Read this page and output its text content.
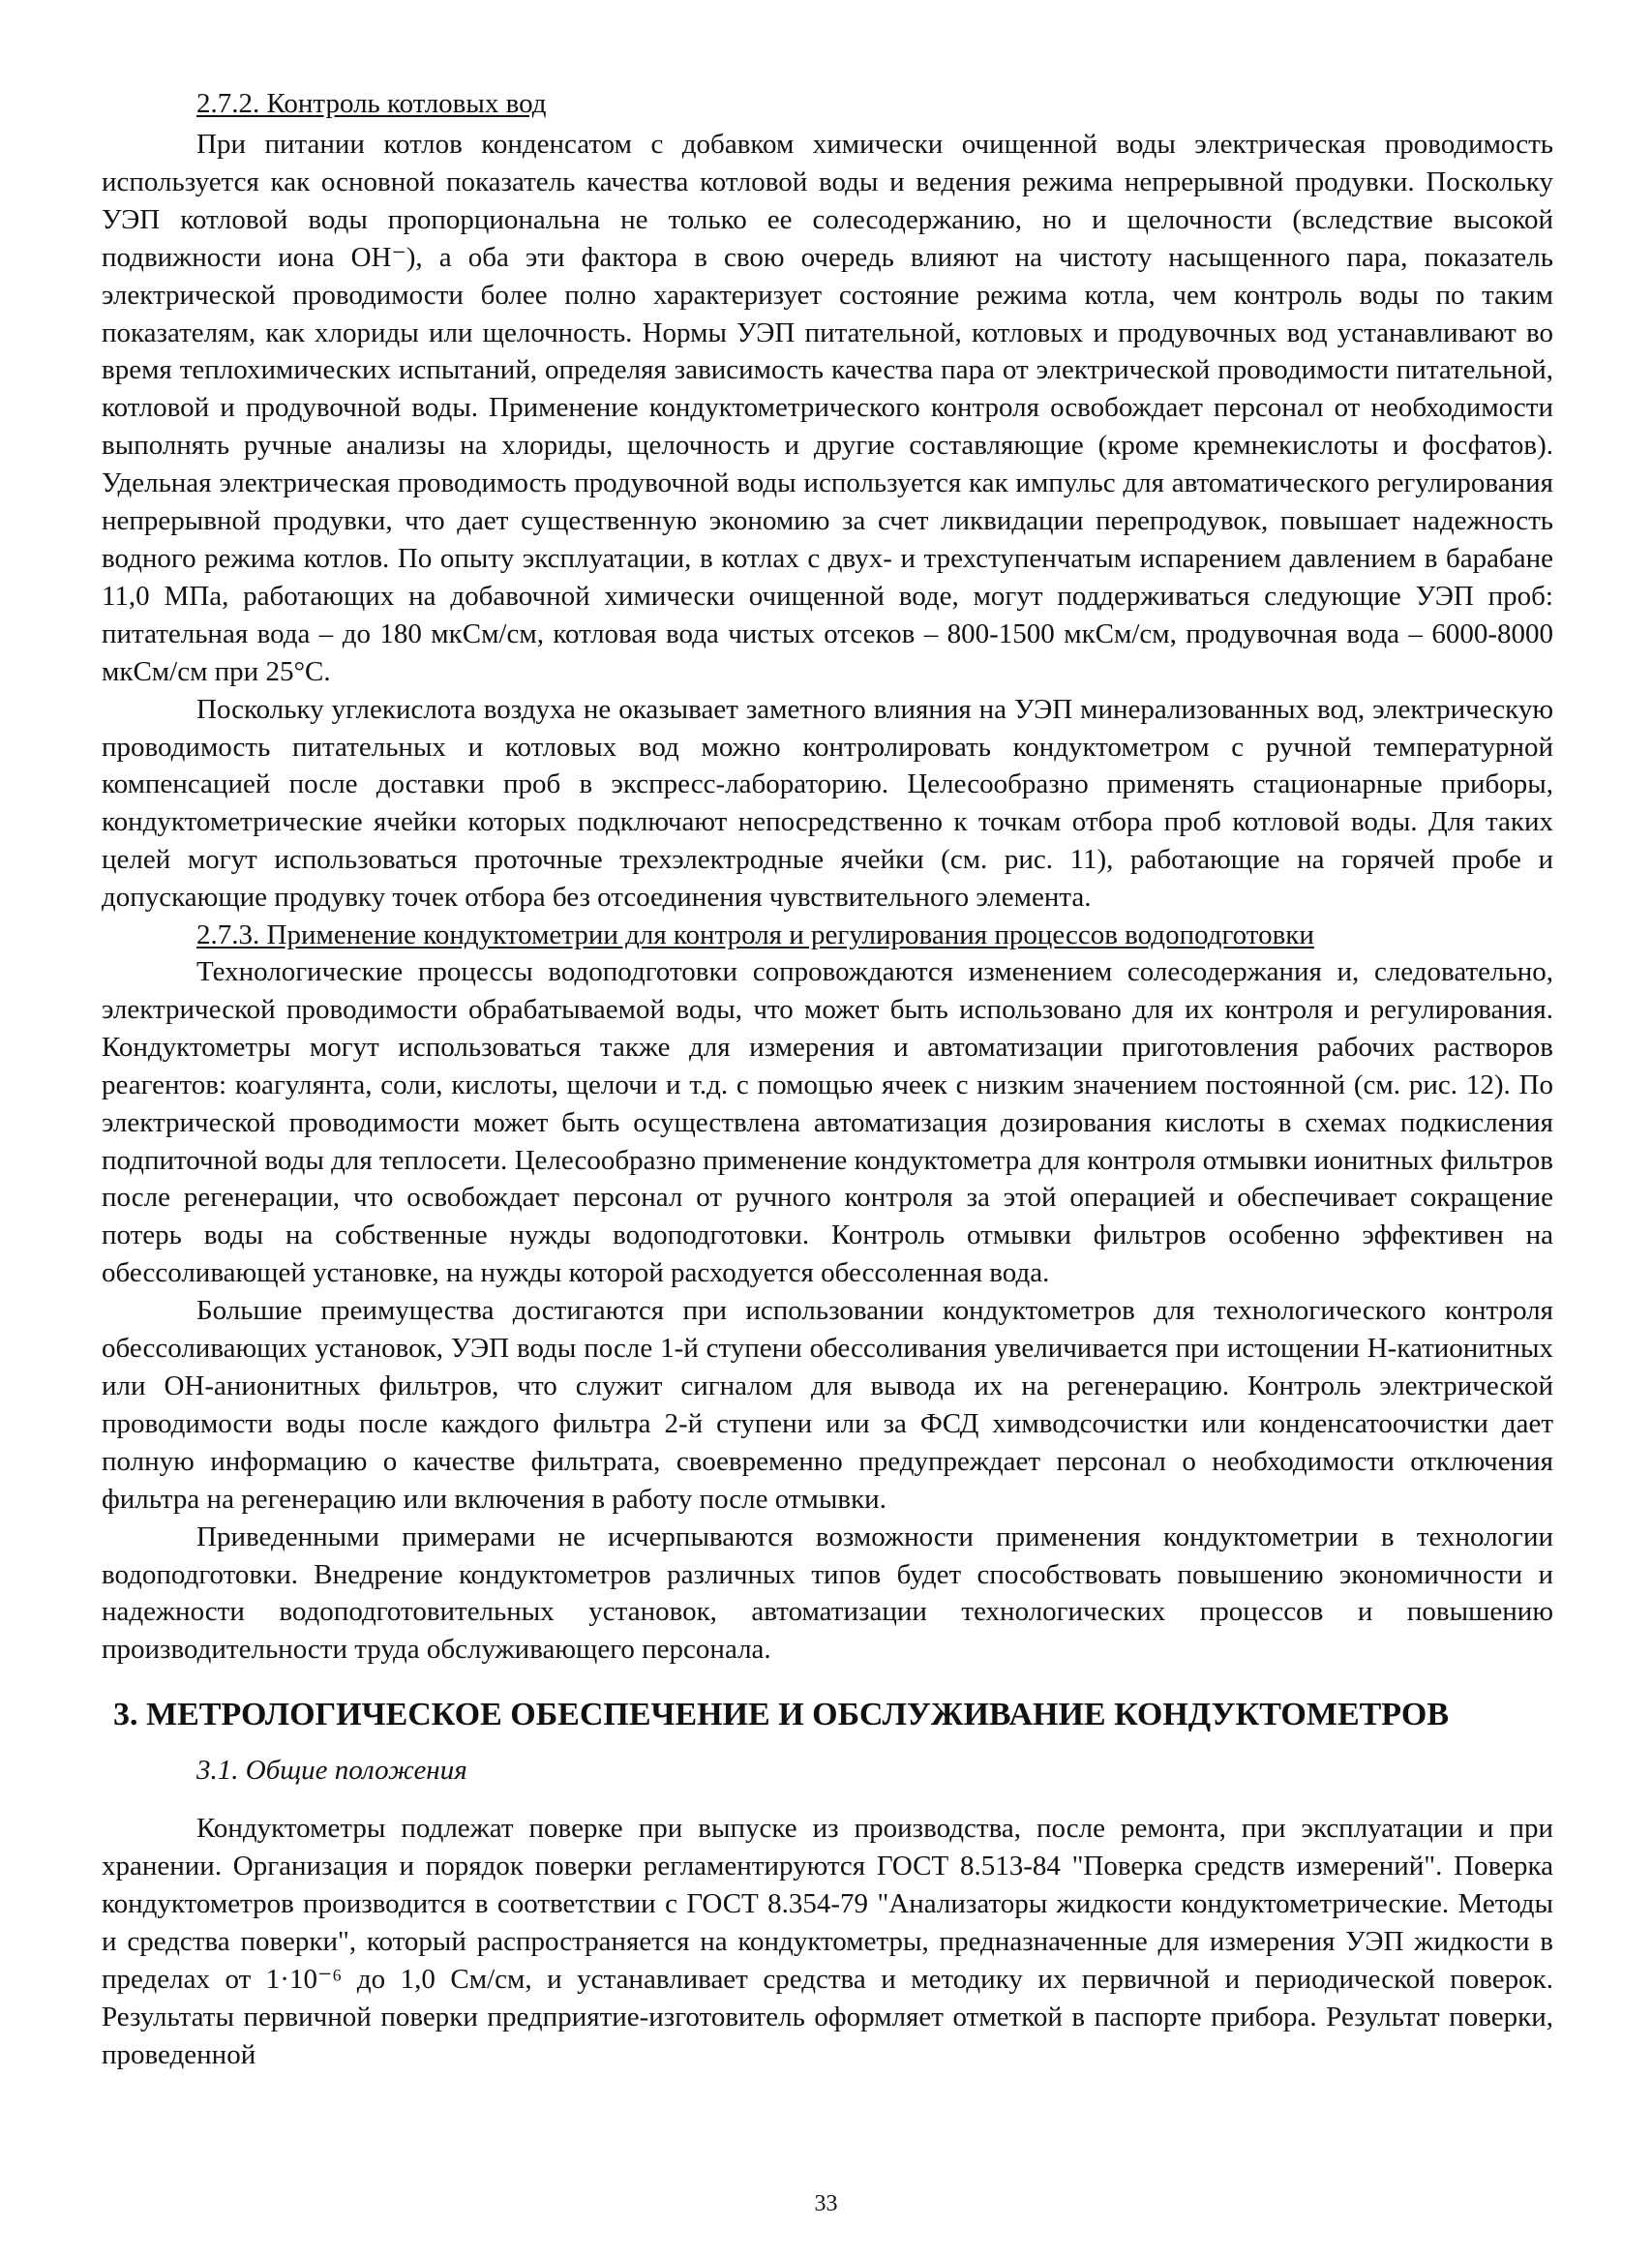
2.7.2. Контроль котловых вод

При питании котлов конденсатом с добавком химически очищенной воды электрическая проводимость используется как основной показатель качества котловой воды и ведения режима непрерывной продувки. Поскольку УЭП котловой воды пропорциональна не только ее солесодержанию, но и щелочности (вследствие высокой подвижности иона OH⁻), а оба эти фактора в свою очередь влияют на чистоту насыщенного пара, показатель электрической проводимости более полно характеризует состояние режима котла, чем контроль воды по таким показателям, как хлориды или щелочность. Нормы УЭП питательной, котловых и продувочных вод устанавливают во время теплохимических испытаний, определяя зависимость качества пара от электрической проводимости питательной, котловой и продувочной воды. Применение кондуктометрического контроля освобождает персонал от необходимости выполнять ручные анализы на хлориды, щелочность и другие составляющие (кроме кремнекислоты и фосфатов). Удельная электрическая проводимость продувочной воды используется как импульс для автоматического регулирования непрерывной продувки, что дает существенную экономию за счет ликвидации перепродувок, повышает надежность водного режима котлов. По опыту эксплуатации, в котлах с двух- и трехступенчатым испарением давлением в барабане 11,0 МПа, работающих на добавочной химически очищенной воде, могут поддерживаться следующие УЭП проб: питательная вода – до 180 мкСм/см, котловая вода чистых отсеков – 800-1500 мкСм/см, продувочная вода – 6000-8000 мкСм/см при 25°С.

Поскольку углекислота воздуха не оказывает заметного влияния на УЭП минерализованных вод, электрическую проводимость питательных и котловых вод можно контролировать кондуктометром с ручной температурной компенсацией после доставки проб в экспресс-лабораторию. Целесообразно применять стационарные приборы, кондуктометрические ячейки которых подключают непосредственно к точкам отбора проб котловой воды. Для таких целей могут использоваться проточные трехэлектродные ячейки (см. рис. 11), работающие на горячей пробе и допускающие продувку точек отбора без отсоединения чувствительного элемента.

2.7.3. Применение кондуктометрии для контроля и регулирования процессов водоподготовки

Технологические процессы водоподготовки сопровождаются изменением солесодержания и, следовательно, электрической проводимости обрабатываемой воды, что может быть использовано для их контроля и регулирования. Кондуктометры могут использоваться также для измерения и автоматизации приготовления рабочих растворов реагентов: коагулянта, соли, кислоты, щелочи и т.д. с помощью ячеек с низким значением постоянной (см. рис. 12). По электрической проводимости может быть осуществлена автоматизация дозирования кислоты в схемах подкисления подпиточной воды для теплосети. Целесообразно применение кондуктометра для контроля отмывки ионитных фильтров после регенерации, что освобождает персонал от ручного контроля за этой операцией и обеспечивает сокращение потерь воды на собственные нужды водоподготовки. Контроль отмывки фильтров особенно эффективен на обессоливающей установке, на нужды которой расходуется обессоленная вода.

Большие преимущества достигаются при использовании кондуктометров для технологического контроля обессоливающих установок, УЭП воды после 1-й ступени обессоливания увеличивается при истощении Н-катионитных или ОН-анионитных фильтров, что служит сигналом для вывода их на регенерацию. Контроль электрической проводимости воды после каждого фильтра 2-й ступени или за ФСД химводсочистки или конденсатоочистки дает полную информацию о качестве фильтрата, своевременно предупреждает персонал о необходимости отключения фильтра на регенерацию или включения в работу после отмывки.

Приведенными примерами не исчерпываются возможности применения кондуктометрии в технологии водоподготовки. Внедрение кондуктометров различных типов будет способствовать повышению экономичности и надежности водоподготовительных установок, автоматизации технологических процессов и повышению производительности труда обслуживающего персонала.

3. МЕТРОЛОГИЧЕСКОЕ ОБЕСПЕЧЕНИЕ И ОБСЛУЖИВАНИЕ КОНДУКТОМЕТРОВ

3.1. Общие положения

Кондуктометры подлежат поверке при выпуске из производства, после ремонта, при эксплуатации и при хранении. Организация и порядок поверки регламентируются ГОСТ 8.513-84 "Поверка средств измерений". Поверка кондуктометров производится в соответствии с ГОСТ 8.354-79 "Анализаторы жидкости кондуктометрические. Методы и средства поверки", который распространяется на кондуктометры, предназначенные для измерения УЭП жидкости в пределах от 1·10⁻⁶ до 1,0 См/см, и устанавливает средства и методику их первичной и периодической поверок. Результаты первичной поверки предприятие-изготовитель оформляет отметкой в паспорте прибора. Результат поверки, проведенной

33
